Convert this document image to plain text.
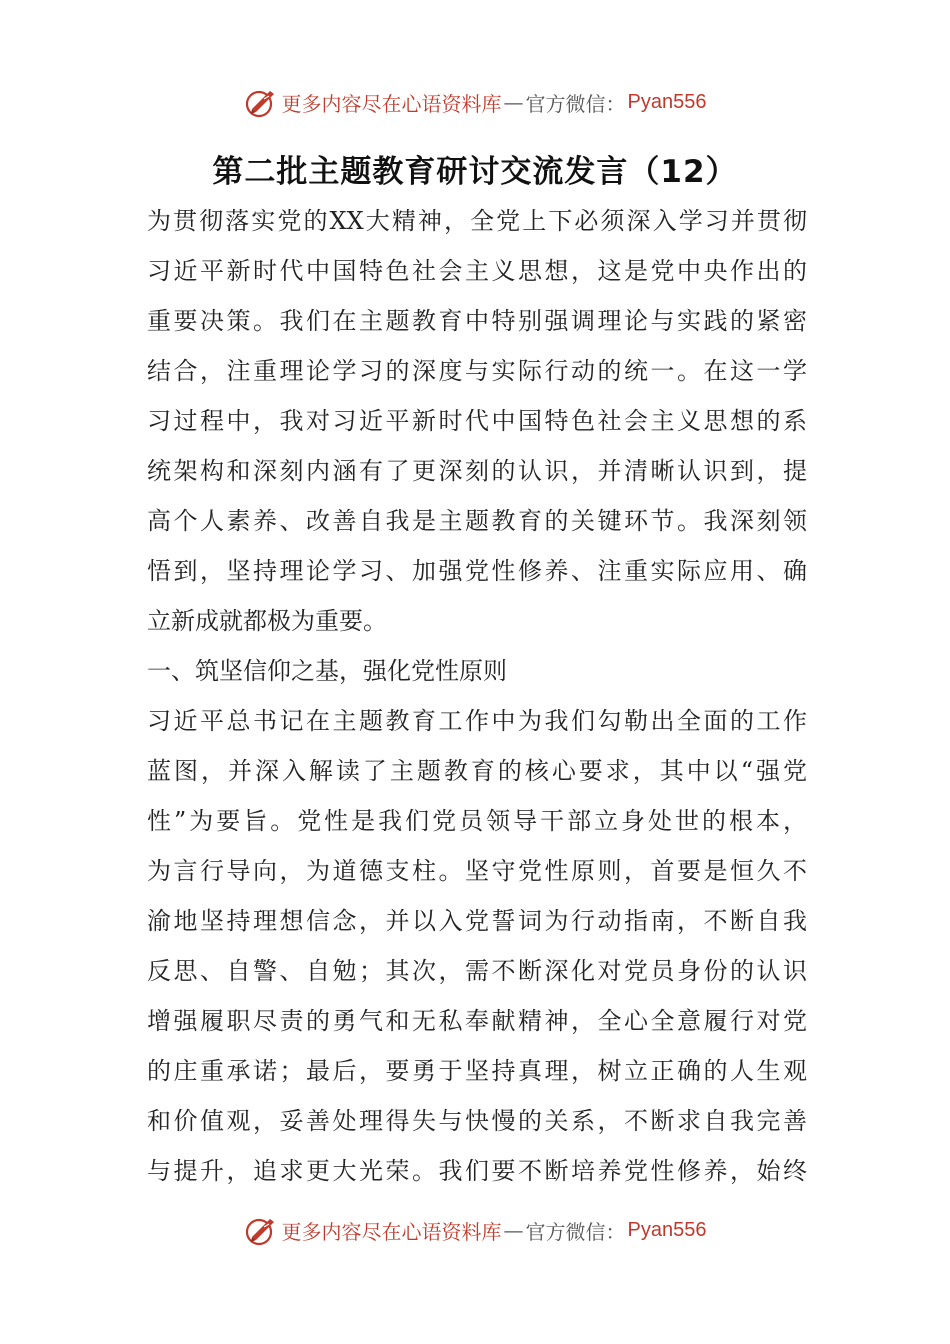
更多内容尽在心语资料库 — 官方微信： Pyan556
第二批主题教育研讨交流发言（12）
为贯彻落实党的XX大精神，全党上下必须深入学习并贯彻
习近平新时代中国特色社会主义思想，这是党中央作出的
重要决策。我们在主题教育中特别强调理论与实践的紧密
结合，注重理论学习的深度与实际行动的统一。在这一学
习过程中，我对习近平新时代中国特色社会主义思想的系
统架构和深刻内涵有了更深刻的认识，并清晰认识到，提
高个人素养、改善自我是主题教育的关键环节。我深刻领
悟到，坚持理论学习、加强党性修养、注重实际应用、确
立新成就都极为重要。
一、筑坚信仰之基，强化党性原则
习近平总书记在主题教育工作中为我们勾勒出全面的工作
蓝图，并深入解读了主题教育的核心要求，其中以“强党
性”为要旨。党性是我们党员领导干部立身处世的根本，
为言行导向，为道德支柱。坚守党性原则，首要是恒久不
渝地坚持理想信念，并以入党誓词为行动指南，不断自我
反思、自警、自勉；其次，需不断深化对党员身份的认识
增强履职尽责的勇气和无私奉献精神，全心全意履行对党
的庄重承诺；最后，要勇于坚持真理，树立正确的人生观
和价值观，妥善处理得失与快慢的关系，不断求自我完善
与提升，追求更大光荣。我们要不断培养党性修养，始终
更多内容尽在心语资料库 — 官方微信： Pyan556
